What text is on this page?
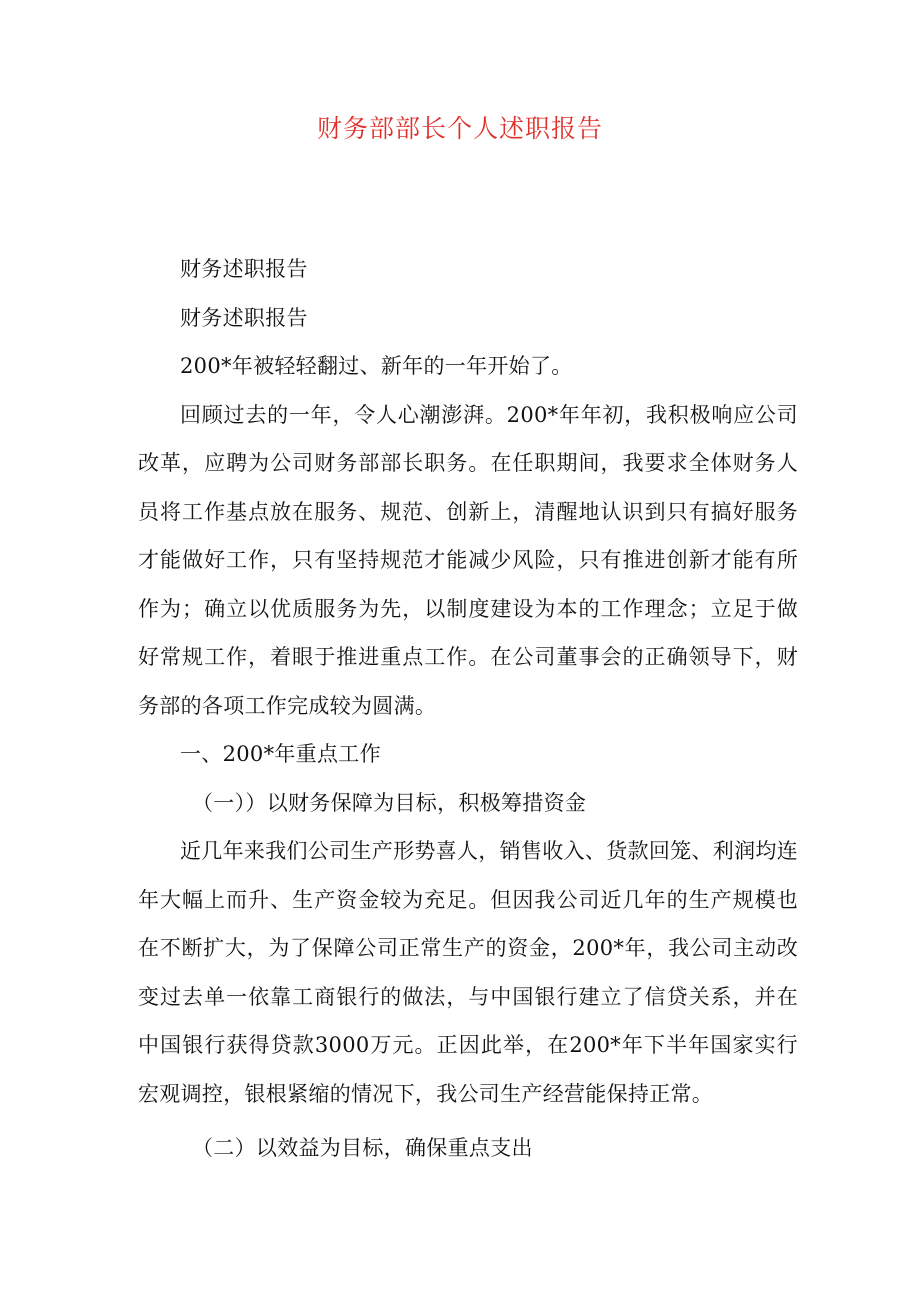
财务部部长个人述职报告

财务述职报告

财务述职报告

200*年被轻轻翻过、新年的一年开始了。

回顾过去的一年，令人心潮澎湃。200*年年初，我积极响应公司改革，应聘为公司财务部部长职务。在任职期间，我要求全体财务人员将工作基点放在服务、规范、创新上，清醒地认识到只有搞好服务才能做好工作，只有坚持规范才能减少风险，只有推进创新才能有所作为；确立以优质服务为先，以制度建设为本的工作理念；立足于做好常规工作，着眼于推进重点工作。在公司董事会的正确领导下，财务部的各项工作完成较为圆满。

一、200*年重点工作

（一））以财务保障为目标，积极筹措资金

近几年来我们公司生产形势喜人，销售收入、货款回笼、利润均连年大幅上而升、生产资金较为充足。但因我公司近几年的生产规模也在不断扩大，为了保障公司正常生产的资金，200*年，我公司主动改变过去单一依靠工商银行的做法，与中国银行建立了信贷关系，并在中国银行获得贷款3000万元。正因此举，在200*年下半年国家实行宏观调控，银根紧缩的情况下，我公司生产经营能保持正常。

（二）以效益为目标，确保重点支出
